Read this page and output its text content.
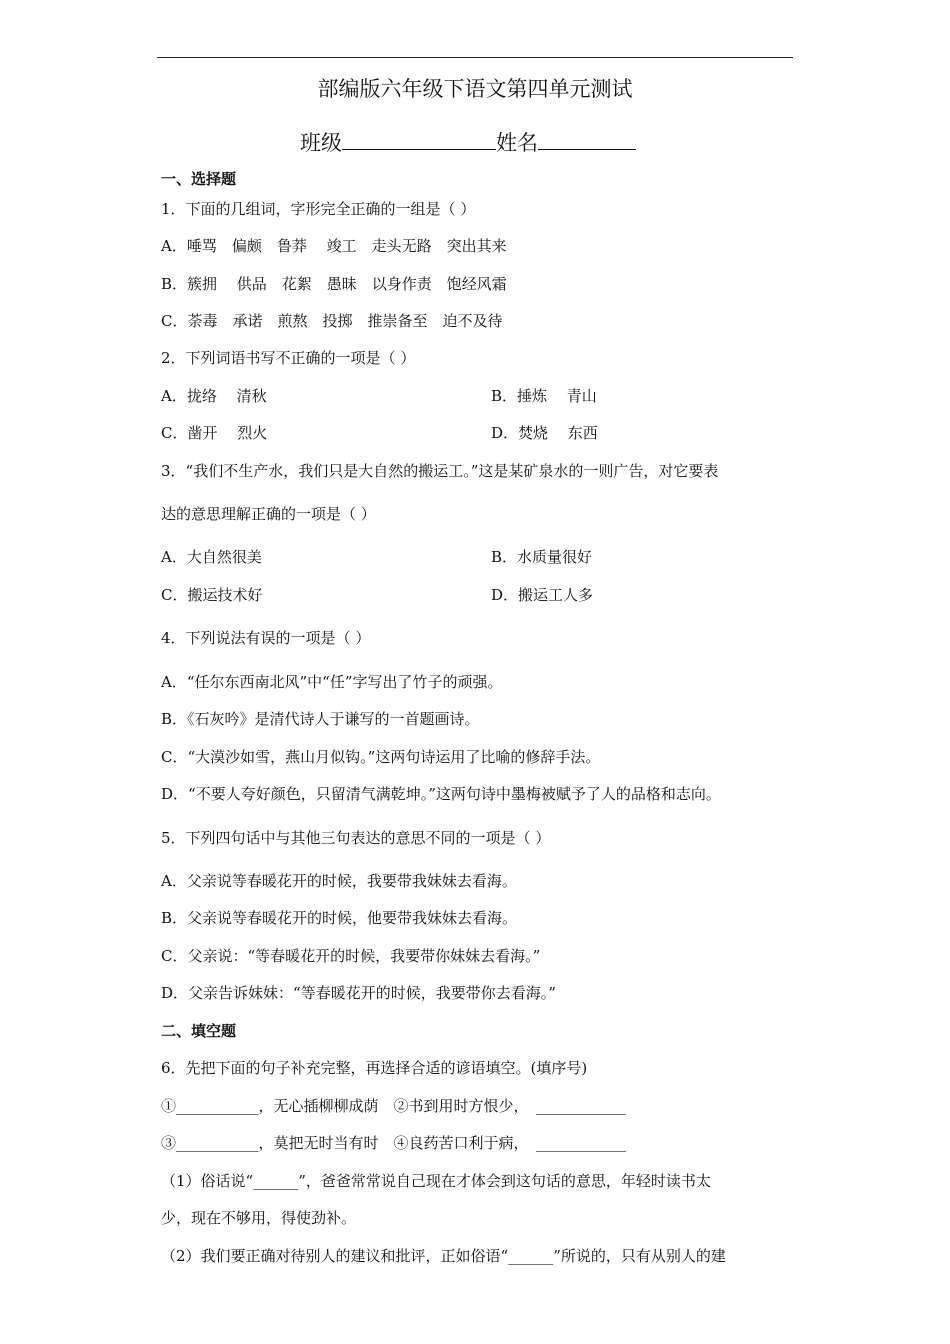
部编版六年级下语文第四单元测试
班级	姓名
一、选择题
1．下面的几组词，字形完全正确的一组是（ ）
A．唾骂　偏颇　鲁莽　 竣工　走头无路　突出其来
B．簇拥　 供品　花絮　愚昧　以身作责　饱经风霜
C．荼毒　承诺　煎熬　投掷　推崇备至　迫不及待
2．下列词语书写不正确的一项是（ ）
A．拢络　 清秋	B．捶炼　 青山
C．凿开　 烈火	D．焚烧　 东西
3．“我们不生产水，我们只是大自然的搬运工。”这是某矿泉水的一则广告，对它要表
达的意思理解正确的一项是（ ）
A．大自然很美	B．水质量很好
C．搬运技术好	D．搬运工人多
4．下列说法有误的一项是（ ）
A．“任尔东西南北风”中“任”字写出了竹子的顽强。
B．《石灰吟》是清代诗人于谦写的一首题画诗。
C．“大漠沙如雪，燕山月似钩。”这两句诗运用了比喻的修辞手法。
D．“不要人夸好颜色，只留清气满乾坤。”这两句诗中墨梅被赋予了人的品格和志向。
5．下列四句话中与其他三句表达的意思不同的一项是（ ）
A．父亲说等春暖花开的时候，我要带我妹妹去看海。
B．父亲说等春暖花开的时候，他要带我妹妹去看海。
C．父亲说：“等春暖花开的时候，我要带你妹妹去看海。”
D．父亲告诉妹妹：“等春暖花开的时候，我要带你去看海。”
二、填空题
6．先把下面的句子补充完整，再选择合适的谚语填空。(填序号)
①___________，无心插柳柳成荫　②书到用时方恨少，　____________
③___________，莫把无时当有时　④良药苦口利于病，　____________
（1）俗话说“______”，爸爸常常说自己现在才体会到这句话的意思，年轻时读书太
少，现在不够用，得使劲补。
（2）我们要正确对待别人的建议和批评，正如俗语“______”所说的，只有从别人的建
